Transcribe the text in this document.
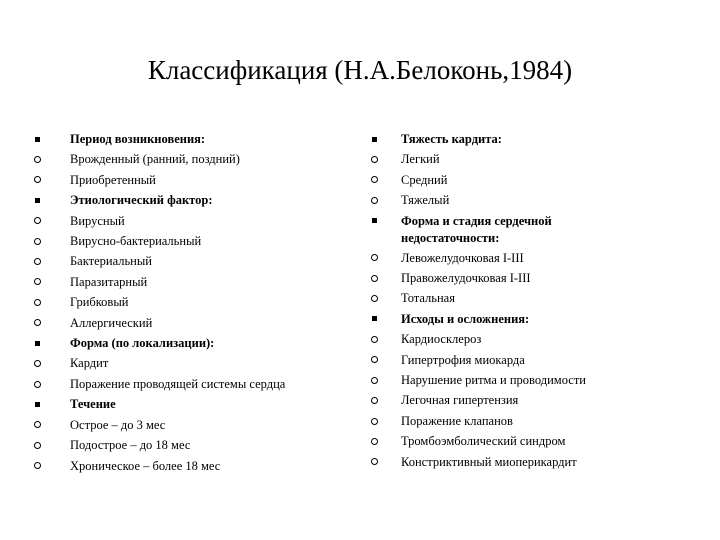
Классификация (Н.А.Белоконь,1984)
Период возникновения:
Врожденный (ранний, поздний)
Приобретенный
Этиологический фактор:
Вирусный
Вирусно-бактериальный
Бактериальный
Паразитарный
Грибковый
Аллергический
Форма (по локализации):
Кардит
Поражение проводящей системы сердца
Течение
Острое – до 3 мес
Подострое – до 18 мес
Хроническое – более 18 мес
Тяжесть кардита:
Легкий
Средний
Тяжелый
Форма и стадия сердечной недостаточности:
Левожелудочковая I-III
Правожелудочковая I-III
Тотальная
Исходы и осложнения:
Кардиосклероз
Гипертрофия миокарда
Нарушение ритма и проводимости
Легочная гипертензия
Поражение клапанов
Тромбоэмболический синдром
Констриктивный миоперикардит
